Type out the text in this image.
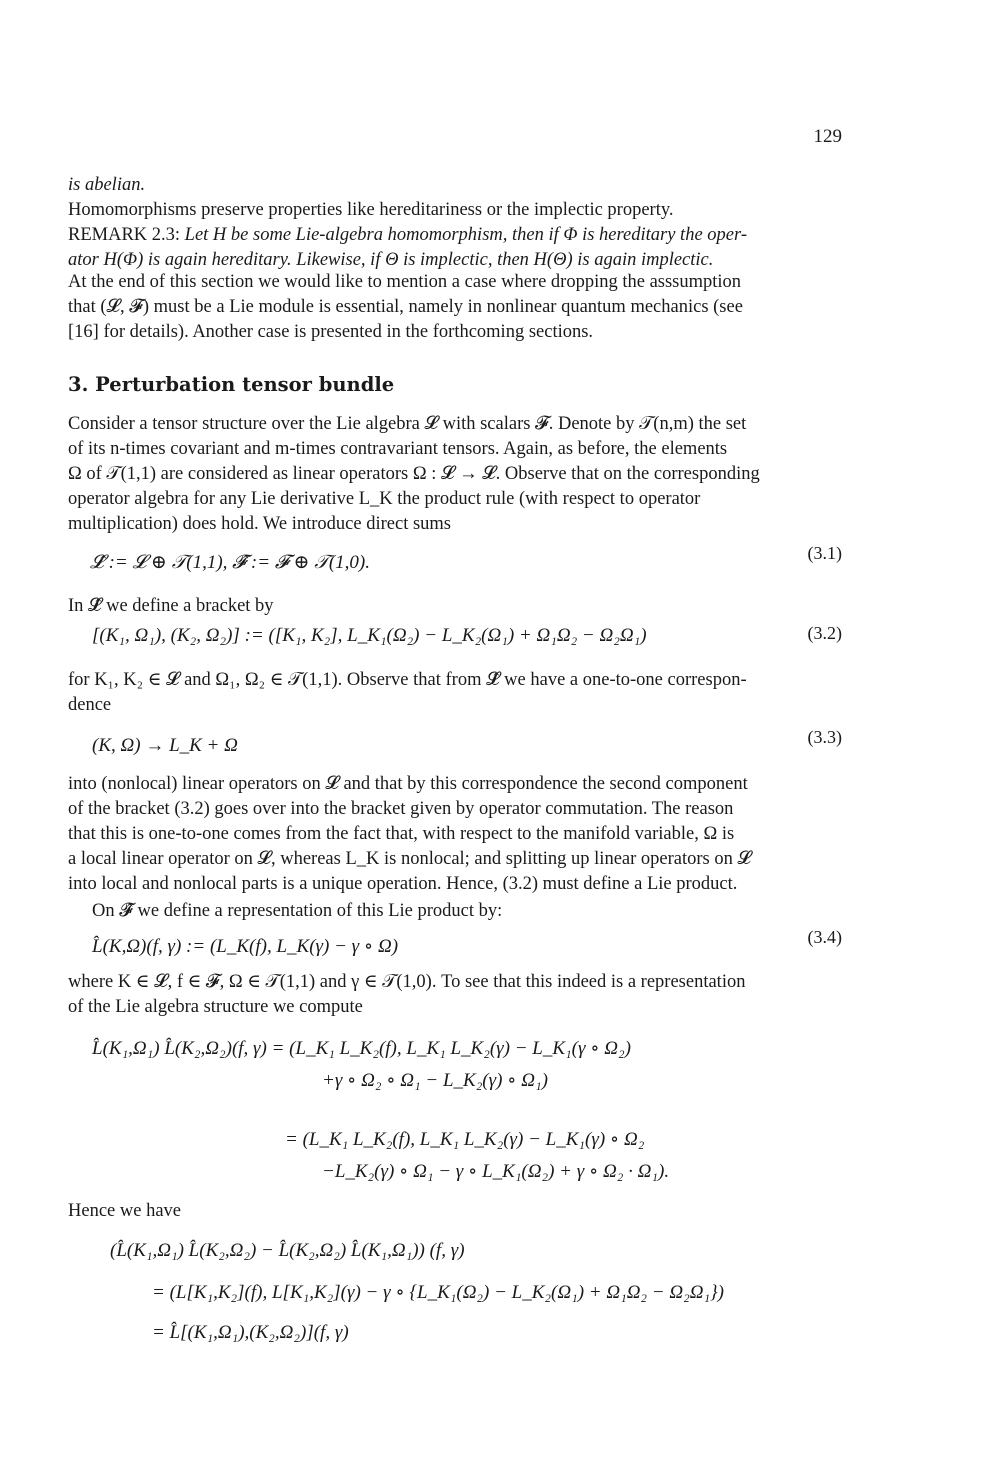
129
is abelian.
Homomorphisms preserve properties like hereditariness or the implectic property.
REMARK 2.3: Let H be some Lie-algebra homomorphism, then if Φ is hereditary the oper-
ator H(Φ) is again hereditary. Likewise, if Θ is implectic, then H(Θ) is again implectic.
At the end of this section we would like to mention a case where dropping the asssumption
that (𝓛, 𝓕) must be a Lie module is essential, namely in nonlinear quantum mechanics (see
[16] for details). Another case is presented in the forthcoming sections.
3. Perturbation tensor bundle
Consider a tensor structure over the Lie algebra 𝓛 with scalars 𝓕. Denote by 𝒯(n,m) the set
of its n-times covariant and m-times contravariant tensors. Again, as before, the elements
Ω of 𝒯(1,1) are considered as linear operators Ω : 𝓛 → 𝓛. Observe that on the corresponding
operator algebra for any Lie derivative L_K the product rule (with respect to operator
multiplication) does hold. We introduce direct sums
𝓛̂ := 𝓛 ⊕ 𝒯(1,1), 𝓕̂ := 𝓕 ⊕ 𝒯(1,0).	(3.1)
In 𝓛̂ we define a bracket by
[(K₁, Ω₁), (K₂, Ω₂)] := ([K₁, K₂], L_K₁(Ω₂) − L_K₂(Ω₁) + Ω₁Ω₂ − Ω₂Ω₁)	(3.2)
for K₁, K₂ ∈ 𝓛 and Ω₁, Ω₂ ∈ 𝒯(1,1). Observe that from 𝓛̂ we have a one-to-one correspon-
dence
(K, Ω) → L_K + Ω	(3.3)
into (nonlocal) linear operators on 𝓛 and that by this correspondence the second component
of the bracket (3.2) goes over into the bracket given by operator commutation. The reason
that this is one-to-one comes from the fact that, with respect to the manifold variable, Ω is
a local linear operator on 𝓛, whereas L_K is nonlocal; and splitting up linear operators on 𝓛
into local and nonlocal parts is a unique operation. Hence, (3.2) must define a Lie product.
On 𝓕̂ we define a representation of this Lie product by:
L̂(K,Ω)(f, γ) := (L_K(f), L_K(γ) − γ ∘ Ω)	(3.4)
where K ∈ 𝓛, f ∈ 𝓕, Ω ∈ 𝒯(1,1) and γ ∈ 𝒯(1,0). To see that this indeed is a representation
of the Lie algebra structure we compute
L̂(K₁,Ω₁) L̂(K₂,Ω₂)(f, γ) = (L_K₁ L_K₂(f), L_K₁ L_K₂(γ) − L_K₁(γ ∘ Ω₂)
+γ ∘ Ω₂ ∘ Ω₁ − L_K₂(γ) ∘ Ω₁)
= (L_K₁ L_K₂(f), L_K₁ L_K₂(γ) − L_K₁(γ) ∘ Ω₂
−L_K₂(γ) ∘ Ω₁ − γ ∘ L_K₁(Ω₂) + γ ∘ Ω₂ · Ω₁).
Hence we have
(L̂(K₁,Ω₁) L̂(K₂,Ω₂) − L̂(K₂,Ω₂) L̂(K₁,Ω₁)) (f, γ)
= (L[K₁,K₂](f), L[K₁,K₂](γ) − γ ∘ {L_K₁(Ω₂) − L_K₂(Ω₁) + Ω₁Ω₂ − Ω₂Ω₁})
= L̂[(K₁,Ω₁),(K₂,Ω₂)](f, γ)
